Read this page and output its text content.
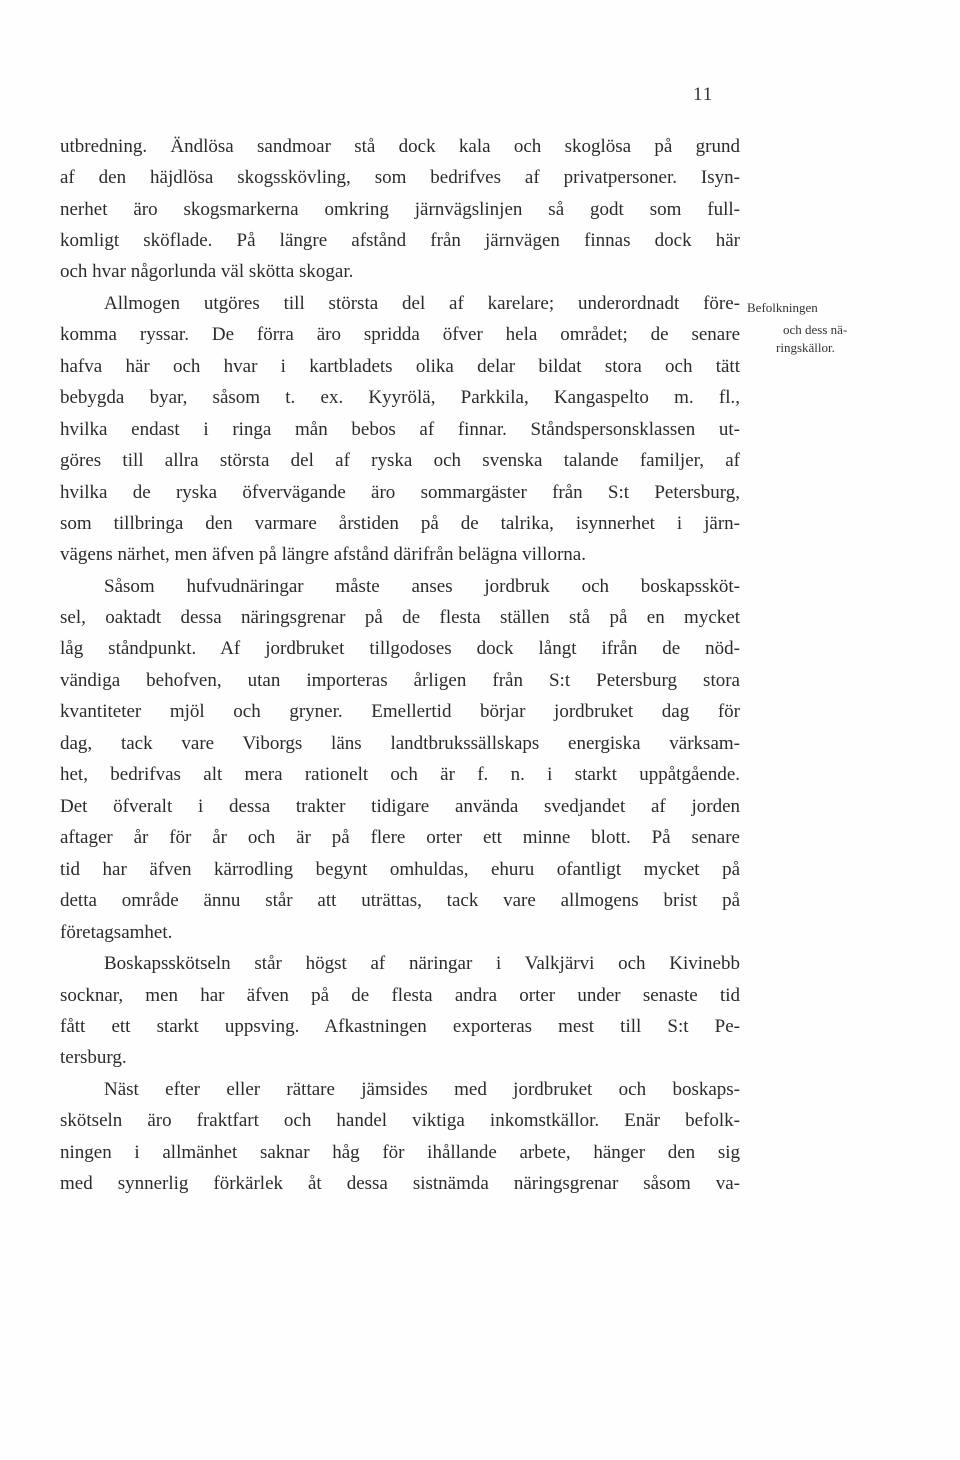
11
Befolkningen
och dess nä-
ringskällor.
utbredning. Ändlösa sandmoar stå dock kala och skoglösa på grund
af den häjdlösa skogsskövling, som bedrifves af privatpersoner. Isyn-
nerhet äro skogsmarkerna omkring järnvägslinjen så godt som full-
komligt sköflade. På längre afstånd från järnvägen finnas dock här
och hvar någorlunda väl skötta skogar.
Allmogen utgöres till största del af karelare; underordnadt före-
komma ryssar. De förra äro spridda öfver hela området; de senare
hafva här och hvar i kartbladets olika delar bildat stora och tätt
bebygda byar, såsom t. ex. Kyyrölä, Parkkila, Kangaspelto m. fl.,
hvilka endast i ringa mån bebos af finnar. Ståndspersonsklassen ut-
göres till allra största del af ryska och svenska talande familjer, af
hvilka de ryska öfvervägande äro sommargäster från S:t Petersburg,
som tillbringa den varmare årstiden på de talrika, isynnerhet i järn-
vägens närhet, men äfven på längre afstånd därifrån belägna villorna.
Såsom hufvudnäringar måste anses jordbruk och boskapssköt-
sel, oaktadt dessa näringsgrenar på de flesta ställen stå på en mycket
låg ståndpunkt. Af jordbruket tillgodoses dock långt ifrån de nöd-
vändiga behofven, utan importeras årligen från S:t Petersburg stora
kvantiteter mjöl och gryner. Emellertid börjar jordbruket dag för
dag, tack vare Viborgs läns landtbrukssällskaps energiska värksam-
het, bedrifvas alt mera rationelt och är f. n. i starkt uppåtgående.
Det öfveralt i dessa trakter tidigare använda svedjandet af jorden
aftager år för år och är på flere orter ett minne blott. På senare
tid har äfven kärrodling begynt omhuldas, ehuru ofantligt mycket på
detta område ännu står att uträttas, tack vare allmogens brist på
företagsamhet.
Boskapsskötseln står högst af näringar i Valkjärvi och Kivinebb
socknar, men har äfven på de flesta andra orter under senaste tid
fått ett starkt uppsving. Afkastningen exporteras mest till S:t Pe-
tersburg.
Näst efter eller rättare jämsides med jordbruket och boskaps-
skötseln äro fraktfart och handel viktiga inkomstkällor. Enär befolk-
ningen i allmänhet saknar håg för ihållande arbete, hänger den sig
med synnerlig förkärlek åt dessa sistnämda näringsgrenar såsom va-
